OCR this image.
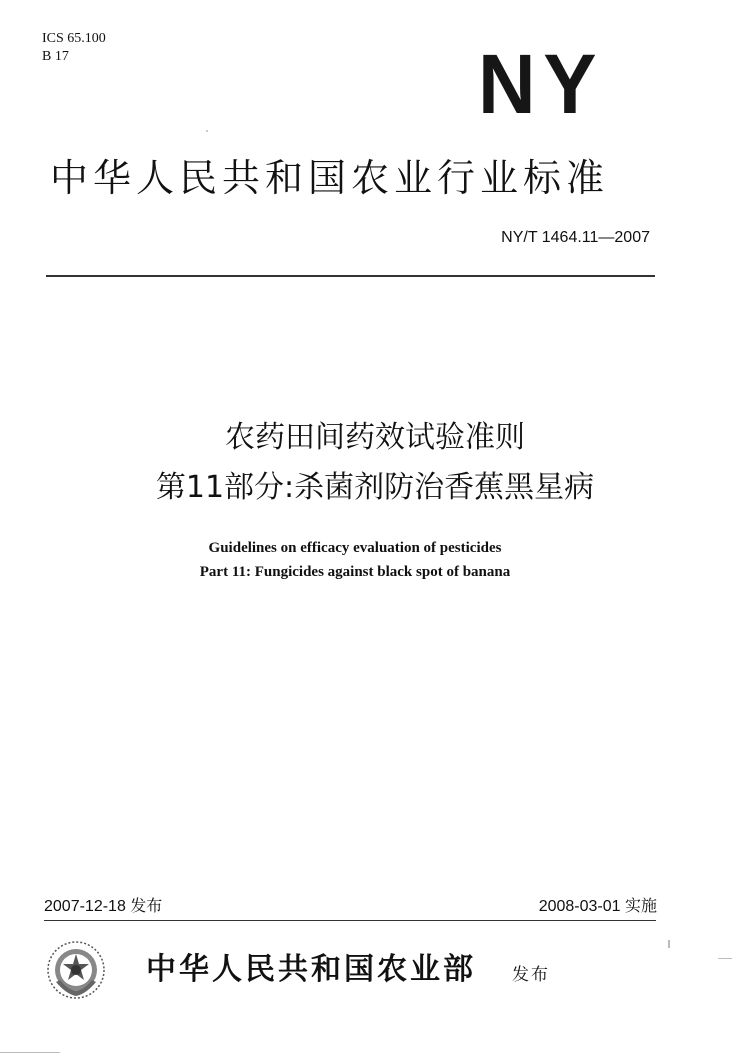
ICS 65.100
B 17	NY
中华人民共和国农业行业标准
NY/T 1464.11—2007
农药田间药效试验准则
第11部分:杀菌剂防治香蕉黑星病
Guidelines on efficacy evaluation of pesticides
Part 11: Fungicides against black spot of banana
2007-12-18 发布	2008-03-01 实施
中华人民共和国农业部 发布
